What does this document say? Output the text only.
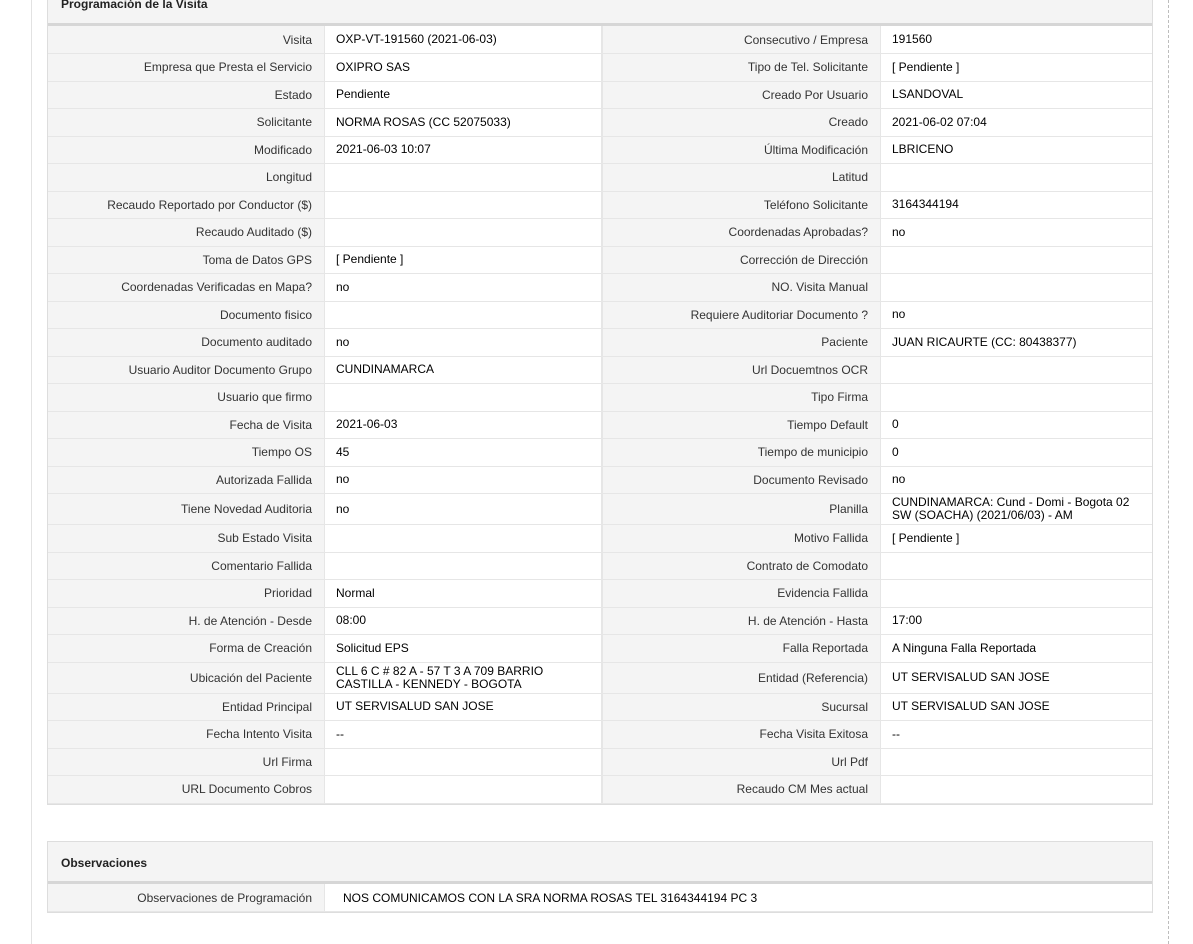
Programación de la Visita
Visita	OXP-VT-191560 (2021-06-03)	Consecutivo / Empresa	191560
Empresa que Presta el Servicio	OXIPRO SAS	Tipo de Tel. Solicitante	[ Pendiente ]
Estado	Pendiente	Creado Por Usuario	LSANDOVAL
Solicitante	NORMA ROSAS (CC 52075033)	Creado	2021-06-02 07:04
Modificado	2021-06-03 10:07	Última Modificación	LBRICENO
Longitud		Latitud	
Recaudo Reportado por Conductor ($)		Teléfono Solicitante	3164344194
Recaudo Auditado ($)		Coordenadas Aprobadas?	no
Toma de Datos GPS	[ Pendiente ]	Corrección de Dirección	
Coordenadas Verificadas en Mapa?	no	NO. Visita Manual	
Documento fisico		Requiere Auditoriar Documento ?	no
Documento auditado	no	Paciente	JUAN RICAURTE (CC: 80438377)
Usuario Auditor Documento Grupo	CUNDINAMARCA	Url Docuemtnos OCR	
Usuario que firmo		Tipo Firma	
Fecha de Visita	2021-06-03	Tiempo Default	0
Tiempo OS	45	Tiempo de municipio	0
Autorizada Fallida	no	Documento Revisado	no
Tiene Novedad Auditoria	no	Planilla	CUNDINAMARCA: Cund - Domi - Bogota 02 SW (SOACHA) (2021/06/03) - AM
Sub Estado Visita		Motivo Fallida	[ Pendiente ]
Comentario Fallida		Contrato de Comodato	
Prioridad	Normal	Evidencia Fallida	
H. de Atención - Desde	08:00	H. de Atención - Hasta	17:00
Forma de Creación	Solicitud EPS	Falla Reportada	A Ninguna Falla Reportada
Ubicación del Paciente	CLL 6 C # 82 A - 57 T 3 A 709 BARRIO CASTILLA - KENNEDY - BOGOTA	Entidad (Referencia)	UT SERVISALUD SAN JOSE
Entidad Principal	UT SERVISALUD SAN JOSE	Sucursal	UT SERVISALUD SAN JOSE
Fecha Intento Visita	--	Fecha Visita Exitosa	--
Url Firma		Url Pdf	
URL Documento Cobros		Recaudo CM Mes actual	
Observaciones
Observaciones de Programación	NOS COMUNICAMOS CON LA SRA NORMA ROSAS TEL 3164344194 PC 3
